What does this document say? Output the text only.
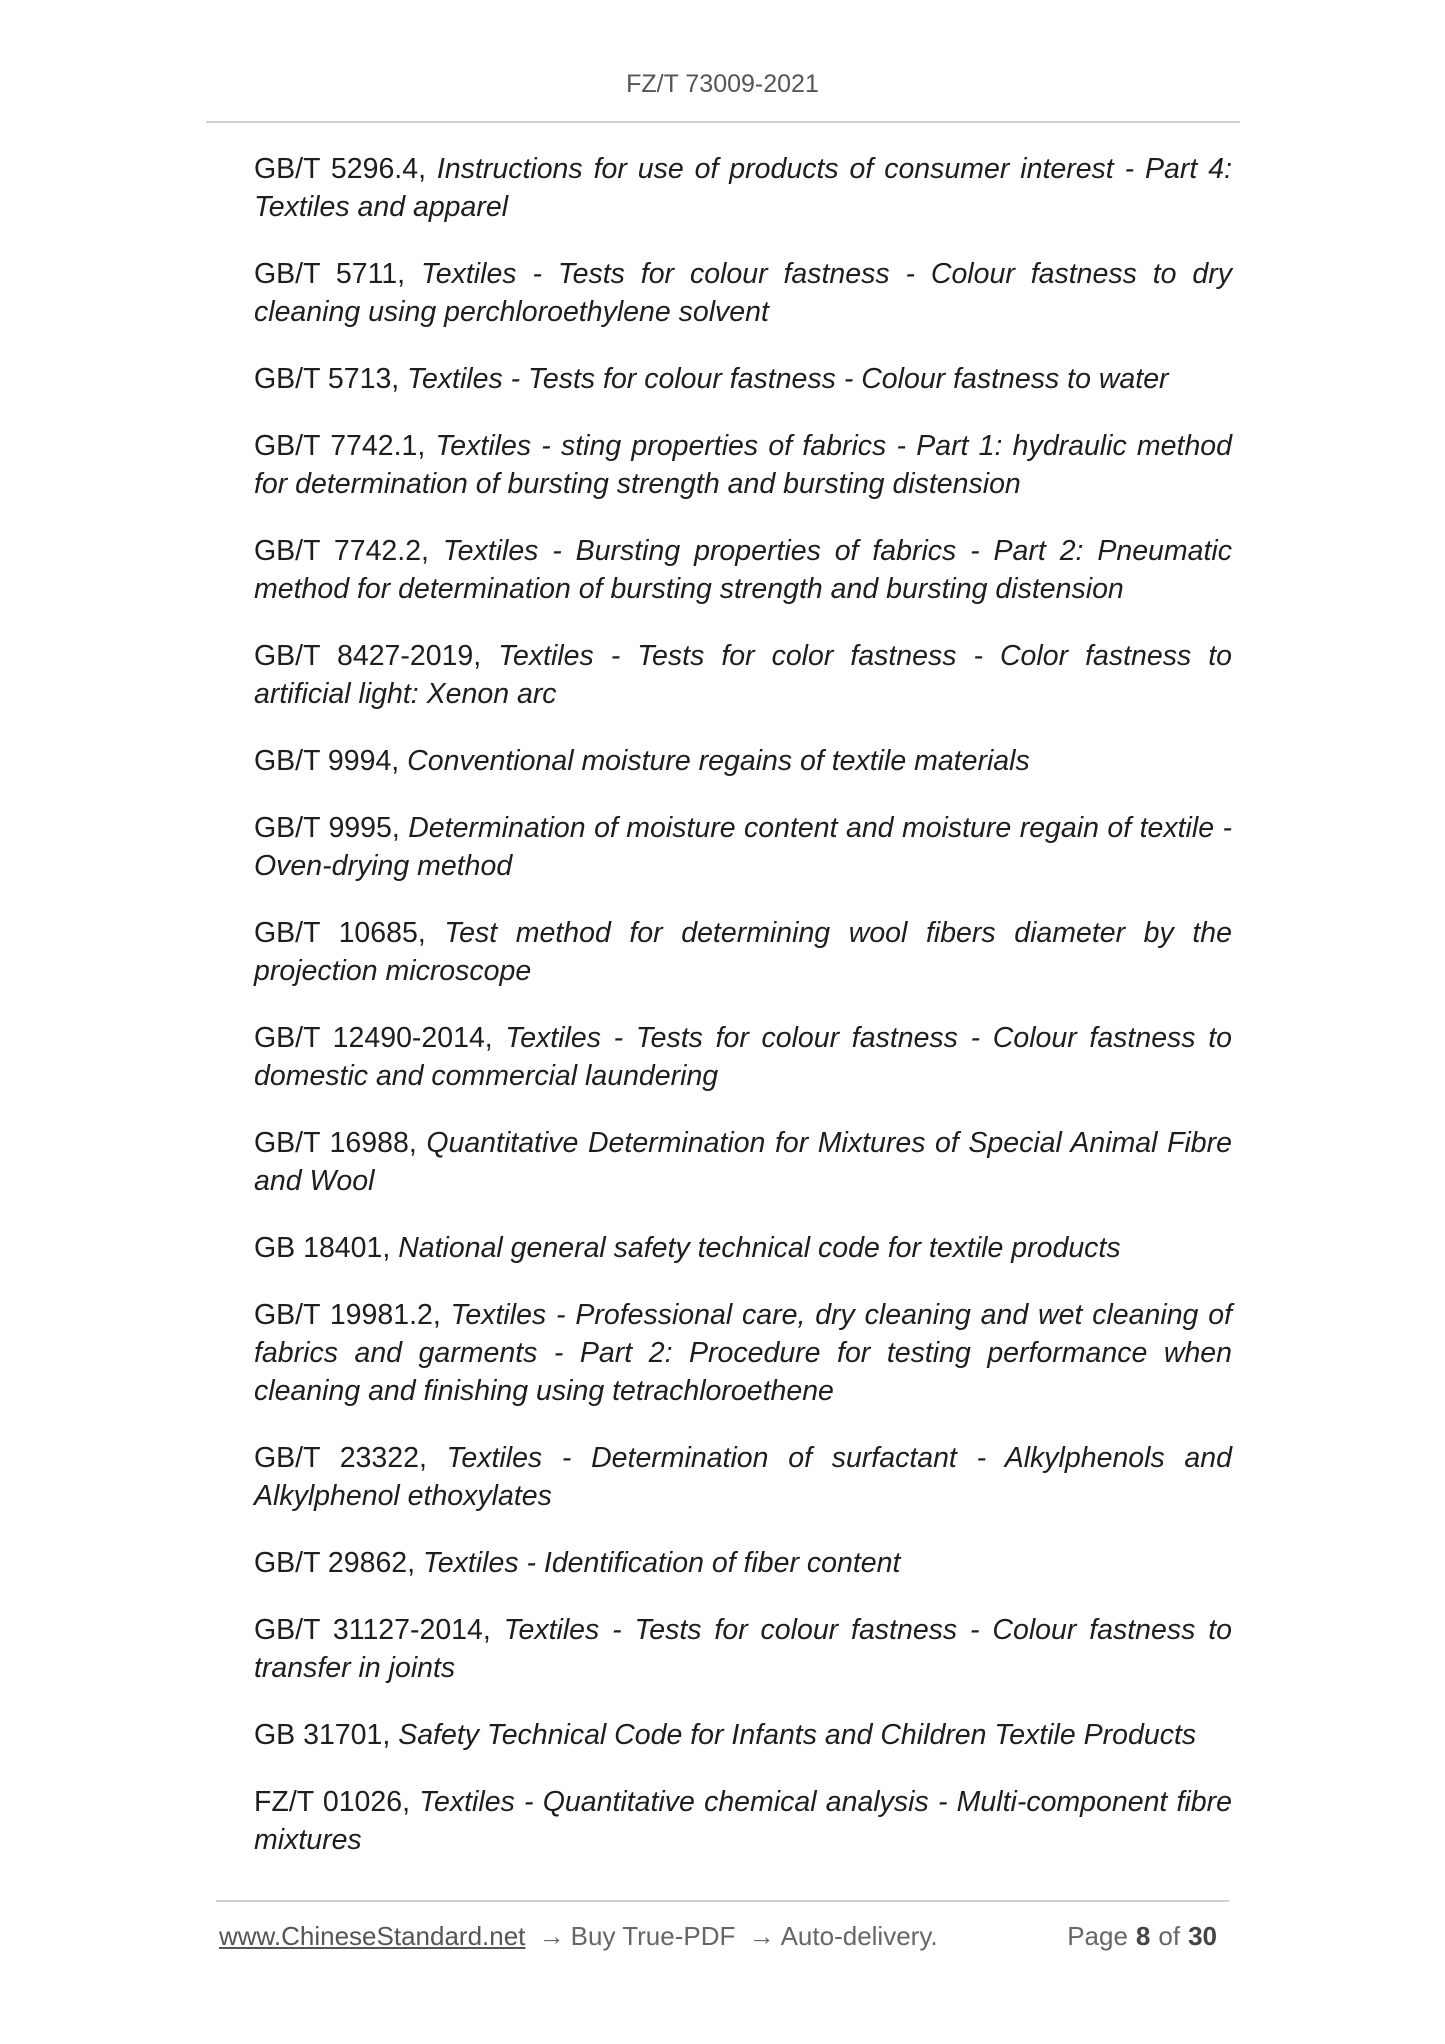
FZ/T 73009-2021

GB/T 5296.4, Instructions for use of products of consumer interest - Part 4: Textiles and apparel

GB/T 5711, Textiles - Tests for colour fastness - Colour fastness to dry cleaning using perchloroethylene solvent

GB/T 5713, Textiles - Tests for colour fastness - Colour fastness to water

GB/T 7742.1, Textiles - sting properties of fabrics - Part 1: hydraulic method for determination of bursting strength and bursting distension

GB/T 7742.2, Textiles - Bursting properties of fabrics - Part 2: Pneumatic method for determination of bursting strength and bursting distension

GB/T 8427-2019, Textiles - Tests for color fastness - Color fastness to artificial light: Xenon arc

GB/T 9994, Conventional moisture regains of textile materials

GB/T 9995, Determination of moisture content and moisture regain of textile - Oven-drying method

GB/T 10685, Test method for determining wool fibers diameter by the projection microscope

GB/T 12490-2014, Textiles - Tests for colour fastness - Colour fastness to domestic and commercial laundering

GB/T 16988, Quantitative Determination for Mixtures of Special Animal Fibre and Wool

GB 18401, National general safety technical code for textile products

GB/T 19981.2, Textiles - Professional care, dry cleaning and wet cleaning of fabrics and garments - Part 2: Procedure for testing performance when cleaning and finishing using tetrachloroethene

GB/T 23322, Textiles - Determination of surfactant - Alkylphenols and Alkylphenol ethoxylates

GB/T 29862, Textiles - Identification of fiber content

GB/T 31127-2014, Textiles - Tests for colour fastness - Colour fastness to transfer in joints

GB 31701, Safety Technical Code for Infants and Children Textile Products

FZ/T 01026, Textiles - Quantitative chemical analysis - Multi-component fibre mixtures

www.ChineseStandard.net → Buy True-PDF → Auto-delivery.	Page 8 of 30
